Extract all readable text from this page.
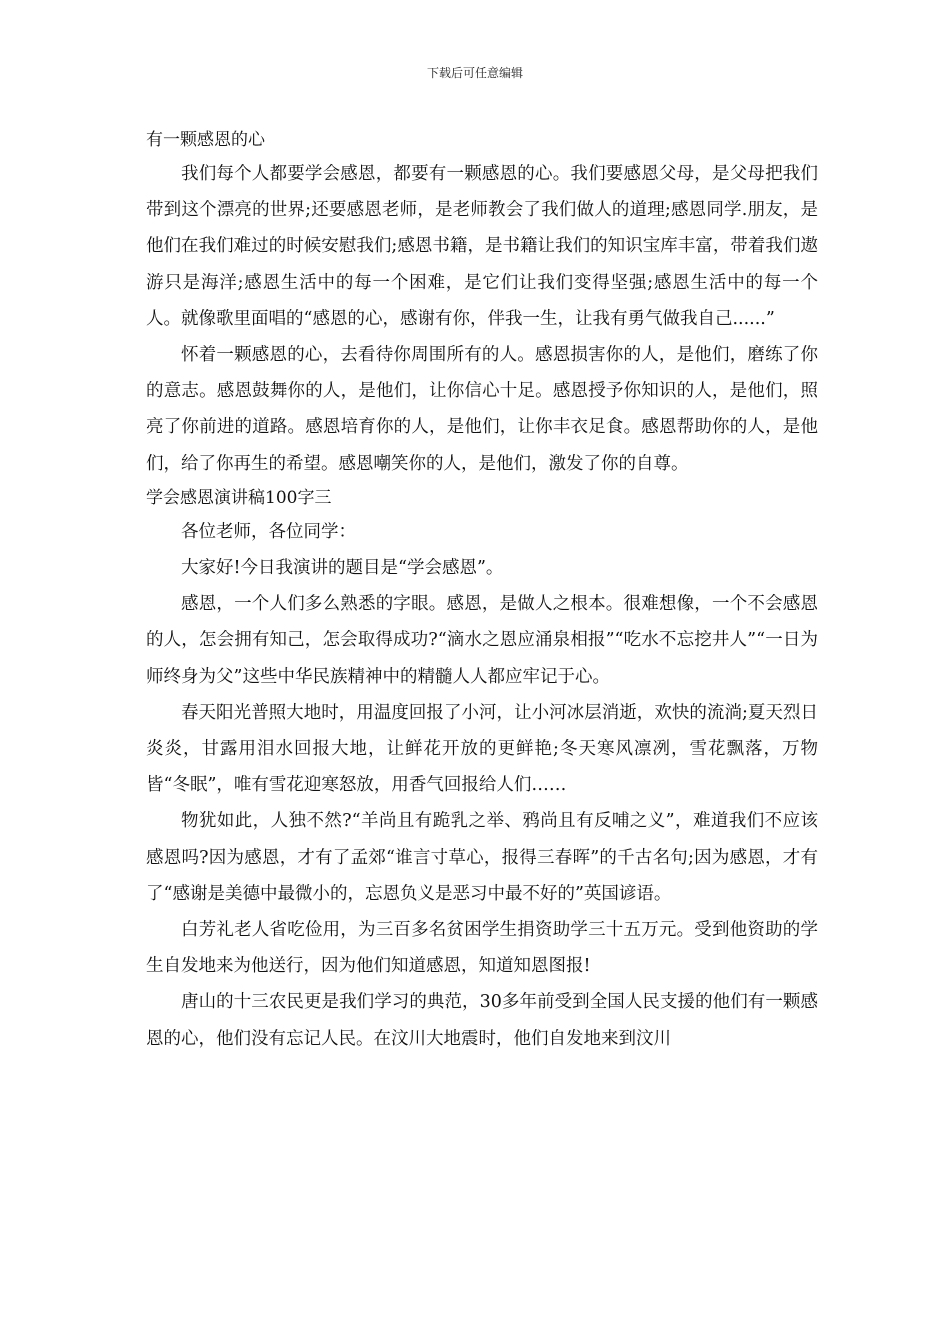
下载后可任意编辑

有一颗感恩的心

我们每个人都要学会感恩，都要有一颗感恩的心。我们要感恩父母，是父母把我们带到这个漂亮的世界;还要感恩老师，是老师教会了我们做人的道理;感恩同学.朋友，是他们在我们难过的时候安慰我们;感恩书籍，是书籍让我们的知识宝库丰富，带着我们遨游只是海洋;感恩生活中的每一个困难，是它们让我们变得坚强;感恩生活中的每一个人。就像歌里面唱的“感恩的心，感谢有你，伴我一生，让我有勇气做我自己......”

怀着一颗感恩的心，去看待你周围所有的人。感恩损害你的人，是他们，磨练了你的意志。感恩鼓舞你的人，是他们，让你信心十足。感恩授予你知识的人，是他们，照亮了你前进的道路。感恩培育你的人，是他们，让你丰衣足食。感恩帮助你的人，是他们，给了你再生的希望。感恩嘲笑你的人，是他们，激发了你的自尊。

学会感恩演讲稿100字三

各位老师，各位同学：

大家好!今日我演讲的题目是“学会感恩”。

感恩，一个人们多么熟悉的字眼。感恩，是做人之根本。很难想像，一个不会感恩的人，怎会拥有知己，怎会取得成功?“滴水之恩应涌泉相报”“吃水不忘挖井人”“一日为师终身为父”这些中华民族精神中的精髓人人都应牢记于心。

春天阳光普照大地时，用温度回报了小河，让小河冰层消逝，欢快的流淌;夏天烈日炎炎，甘露用泪水回报大地，让鲜花开放的更鲜艳;冬天寒风凛冽，雪花飘落，万物皆“冬眠”，唯有雪花迎寒怒放，用香气回报给人们……

物犹如此，人独不然?“羊尚且有跪乳之举、鸦尚且有反哺之义”，难道我们不应该感恩吗?因为感恩，才有了孟郊“谁言寸草心，报得三春晖”的千古名句;因为感恩，才有了“感谢是美德中最微小的，忘恩负义是恶习中最不好的”英国谚语。

白芳礼老人省吃俭用，为三百多名贫困学生捐资助学三十五万元。受到他资助的学生自发地来为他送行，因为他们知道感恩，知道知恩图报!

唐山的十三农民更是我们学习的典范，30多年前受到全国人民支援的他们有一颗感恩的心，他们没有忘记人民。在汶川大地震时，他们自发地来到汶川
